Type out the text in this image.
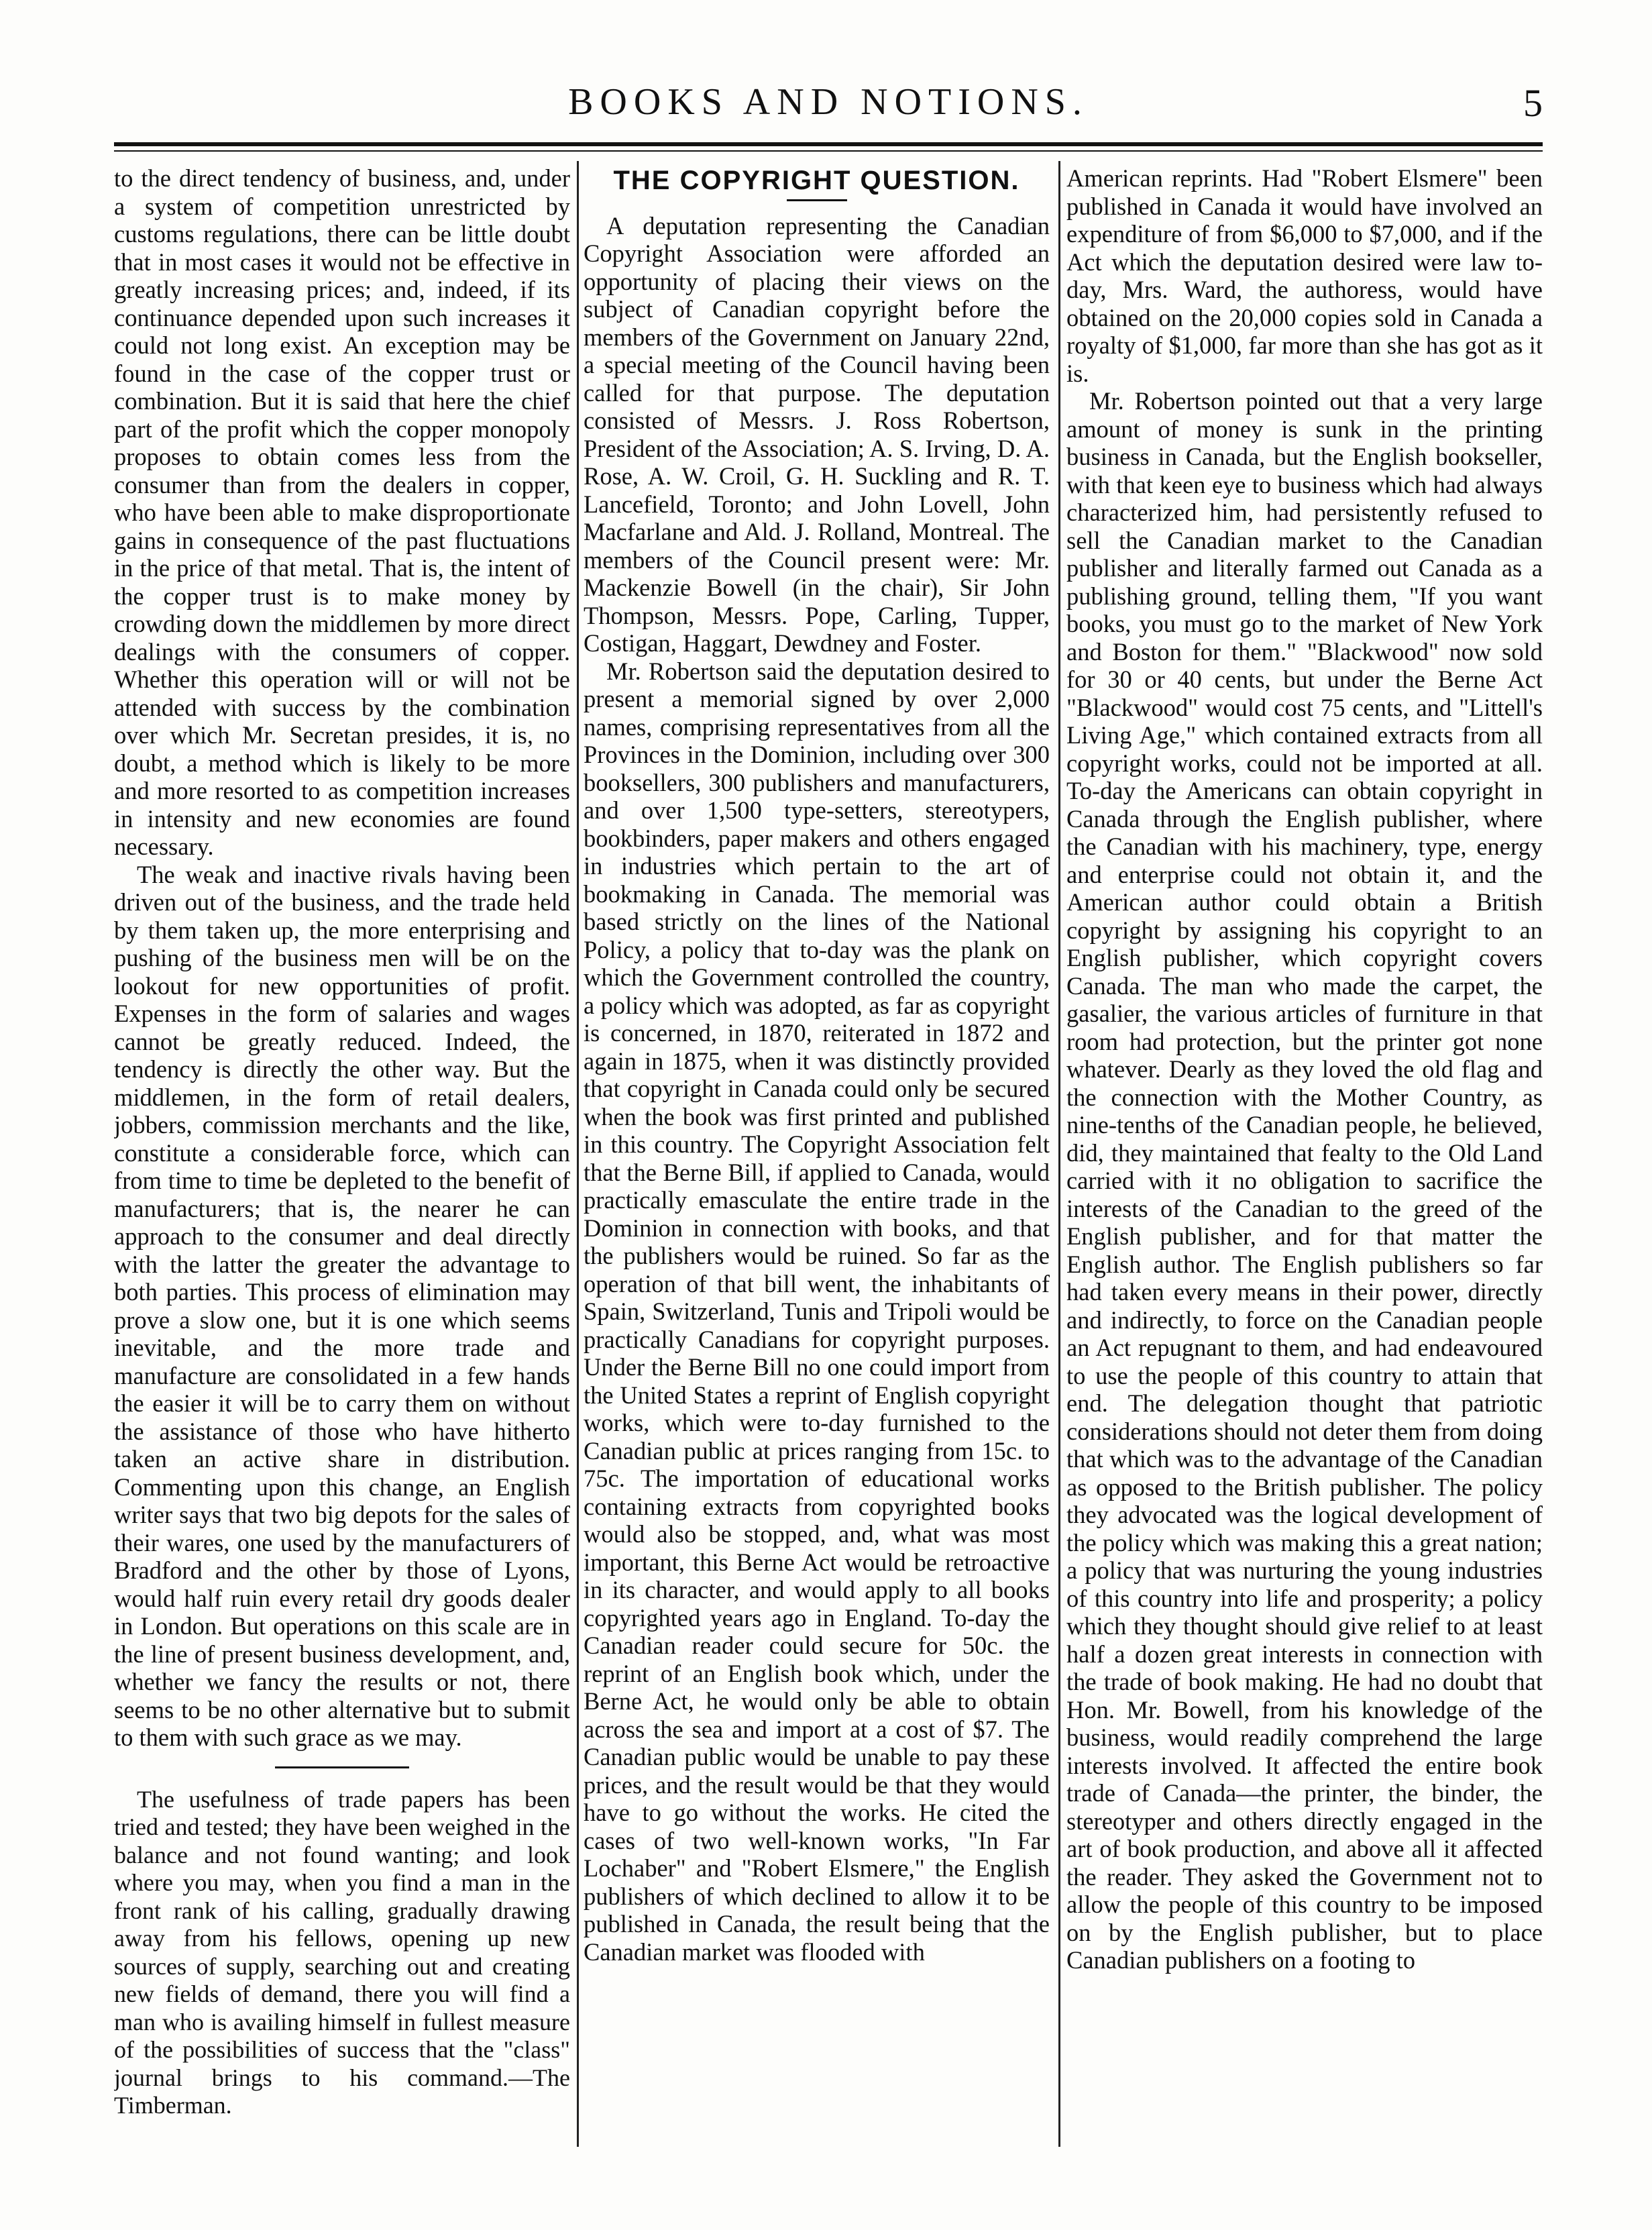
BOOKS AND NOTIONS.	5

to the direct tendency of business, and, under a system of competition unrestricted by customs regulations, there can be little doubt that in most cases it would not be effective in greatly increasing prices; and, indeed, if its continuance depended upon such increases it could not long exist. An exception may be found in the case of the copper trust or combination. But it is said that here the chief part of the profit which the copper monopoly proposes to obtain comes less from the consumer than from the dealers in copper, who have been able to make disproportionate gains in consequence of the past fluctuations in the price of that metal. That is, the intent of the copper trust is to make money by crowding down the middlemen by more direct dealings with the consumers of copper. Whether this operation will or will not be attended with success by the combination over which Mr. Secretan presides, it is, no doubt, a method which is likely to be more and more resorted to as competition increases in intensity and new economies are found necessary.

The weak and inactive rivals having been driven out of the business, and the trade held by them taken up, the more enterprising and pushing of the business men will be on the lookout for new opportunities of profit. Expenses in the form of salaries and wages cannot be greatly reduced. Indeed, the tendency is directly the other way. But the middlemen, in the form of retail dealers, jobbers, commission merchants and the like, constitute a considerable force, which can from time to time be depleted to the benefit of manufacturers; that is, the nearer he can approach to the consumer and deal directly with the latter the greater the advantage to both parties. This process of elimination may prove a slow one, but it is one which seems inevitable, and the more trade and manufacture are consolidated in a few hands the easier it will be to carry them on without the assistance of those who have hitherto taken an active share in distribution. Commenting upon this change, an English writer says that two big depots for the sales of their wares, one used by the manufacturers of Bradford and the other by those of Lyons, would half ruin every retail dry goods dealer in London. But operations on this scale are in the line of present business development, and, whether we fancy the results or not, there seems to be no other alternative but to submit to them with such grace as we may.

The usefulness of trade papers has been tried and tested; they have been weighed in the balance and not found wanting; and look where you may, when you find a man in the front rank of his calling, gradually drawing away from his fellows, opening up new sources of supply, searching out and creating new fields of demand, there you will find a man who is availing himself in fullest measure of the possibilities of success that the "class" journal brings to his command.—The Timberman.

THE COPYRIGHT QUESTION.

A deputation representing the Canadian Copyright Association were afforded an opportunity of placing their views on the subject of Canadian copyright before the members of the Government on January 22nd, a special meeting of the Council having been called for that purpose. The deputation consisted of Messrs. J. Ross Robertson, President of the Association; A. S. Irving, D. A. Rose, A. W. Croil, G. H. Suckling and R. T. Lancefield, Toronto; and John Lovell, John Macfarlane and Ald. J. Rolland, Montreal. The members of the Council present were: Mr. Mackenzie Bowell (in the chair), Sir John Thompson, Messrs. Pope, Carling, Tupper, Costigan, Haggart, Dewdney and Foster.

Mr. Robertson said the deputation desired to present a memorial signed by over 2,000 names, comprising representatives from all the Provinces in the Dominion, including over 300 booksellers, 300 publishers and manufacturers, and over 1,500 type-setters, stereotypers, bookbinders, paper makers and others engaged in industries which pertain to the art of bookmaking in Canada. The memorial was based strictly on the lines of the National Policy, a policy that to-day was the plank on which the Government controlled the country, a policy which was adopted, as far as copyright is concerned, in 1870, reiterated in 1872 and again in 1875, when it was distinctly provided that copyright in Canada could only be secured when the book was first printed and published in this country. The Copyright Association felt that the Berne Bill, if applied to Canada, would practically emasculate the entire trade in the Dominion in connection with books, and that the publishers would be ruined. So far as the operation of that bill went, the inhabitants of Spain, Switzerland, Tunis and Tripoli would be practically Canadians for copyright purposes. Under the Berne Bill no one could import from the United States a reprint of English copyright works, which were to-day furnished to the Canadian public at prices ranging from 15c. to 75c. The importation of educational works containing extracts from copyrighted books would also be stopped, and, what was most important, this Berne Act would be retroactive in its character, and would apply to all books copyrighted years ago in England. To-day the Canadian reader could secure for 50c. the reprint of an English book which, under the Berne Act, he would only be able to obtain across the sea and import at a cost of $7. The Canadian public would be unable to pay these prices, and the result would be that they would have to go without the works. He cited the cases of two well-known works, "In Far Lochaber" and "Robert Elsmere," the English publishers of which declined to allow it to be published in Canada, the result being that the Canadian market was flooded with

American reprints. Had "Robert Elsmere" been published in Canada it would have involved an expenditure of from $6,000 to $7,000, and if the Act which the deputation desired were law to-day, Mrs. Ward, the authoress, would have obtained on the 20,000 copies sold in Canada a royalty of $1,000, far more than she has got as it is.

Mr. Robertson pointed out that a very large amount of money is sunk in the printing business in Canada, but the English bookseller, with that keen eye to business which had always characterized him, had persistently refused to sell the Canadian market to the Canadian publisher and literally farmed out Canada as a publishing ground, telling them, "If you want books, you must go to the market of New York and Boston for them." "Blackwood" now sold for 30 or 40 cents, but under the Berne Act "Blackwood" would cost 75 cents, and "Littell's Living Age," which contained extracts from all copyright works, could not be imported at all. To-day the Americans can obtain copyright in Canada through the English publisher, where the Canadian with his machinery, type, energy and enterprise could not obtain it, and the American author could obtain a British copyright by assigning his copyright to an English publisher, which copyright covers Canada. The man who made the carpet, the gasalier, the various articles of furniture in that room had protection, but the printer got none whatever. Dearly as they loved the old flag and the connection with the Mother Country, as nine-tenths of the Canadian people, he believed, did, they maintained that fealty to the Old Land carried with it no obligation to sacrifice the interests of the Canadian to the greed of the English publisher, and for that matter the English author. The English publishers so far had taken every means in their power, directly and indirectly, to force on the Canadian people an Act repugnant to them, and had endeavoured to use the people of this country to attain that end. The delegation thought that patriotic considerations should not deter them from doing that which was to the advantage of the Canadian as opposed to the British publisher. The policy they advocated was the logical development of the policy which was making this a great nation; a policy that was nurturing the young industries of this country into life and prosperity; a policy which they thought should give relief to at least half a dozen great interests in connection with the trade of book making. He had no doubt that Hon. Mr. Bowell, from his knowledge of the business, would readily comprehend the large interests involved. It affected the entire book trade of Canada—the printer, the binder, the stereotyper and others directly engaged in the art of book production, and above all it affected the reader. They asked the Government not to allow the people of this country to be imposed on by the English publisher, but to place Canadian publishers on a footing to
